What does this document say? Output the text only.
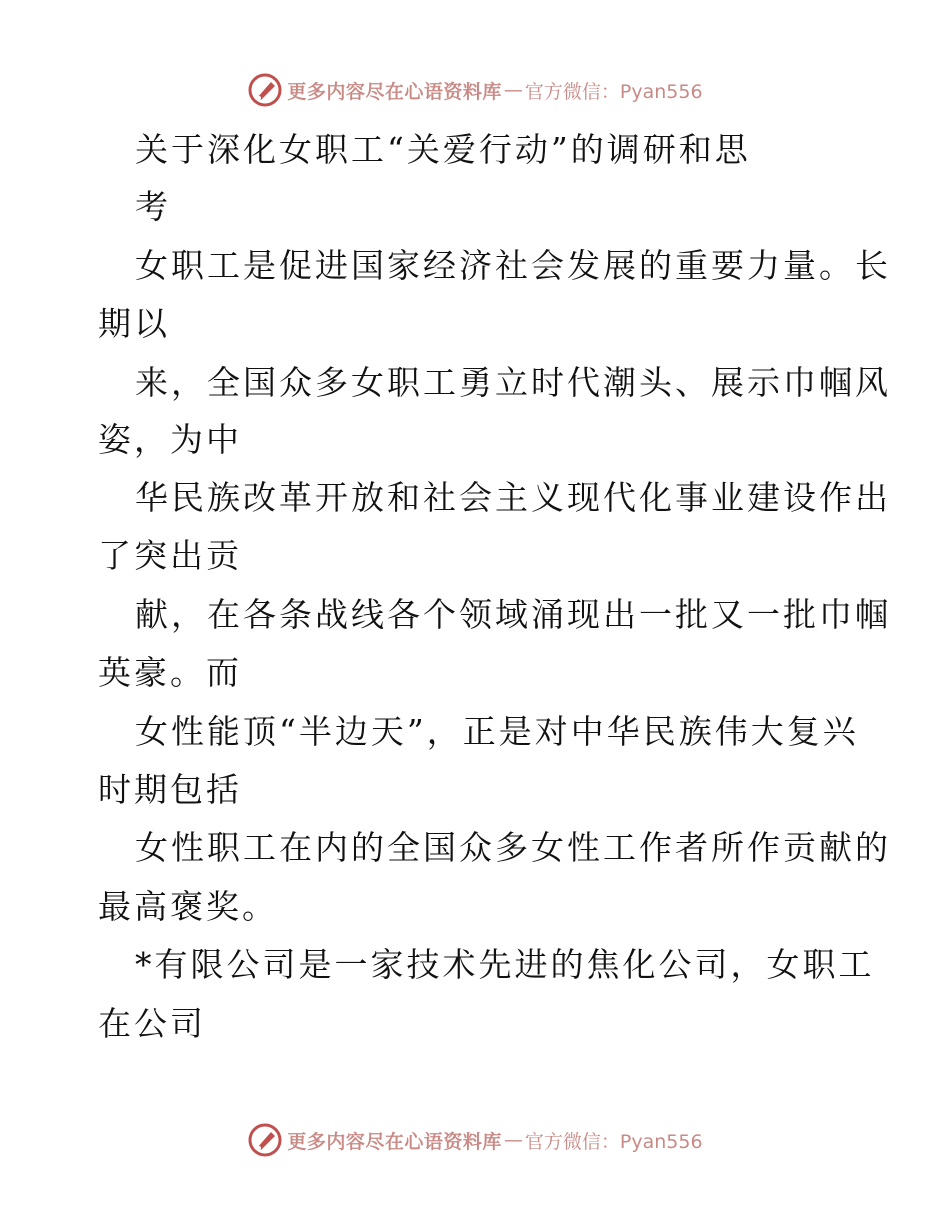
更多内容尽在心语资料库 — 官方微信：Pyan556
关于深化女职工“关爱行动”的调研和思
考
女职工是促进国家经济社会发展的重要力量。长
期以
来，全国众多女职工勇立时代潮头、展示巾帼风
姿，为中
华民族改革开放和社会主义现代化事业建设作出
了突出贡
献，在各条战线各个领域涌现出一批又一批巾帼
英豪。而
女性能顶“半边天”，正是对中华民族伟大复兴
时期包括
女性职工在内的全国众多女性工作者所作贡献的
最高褒奖。
*有限公司是一家技术先进的焦化公司，女职工
在公司
更多内容尽在心语资料库 — 官方微信：Pyan556
